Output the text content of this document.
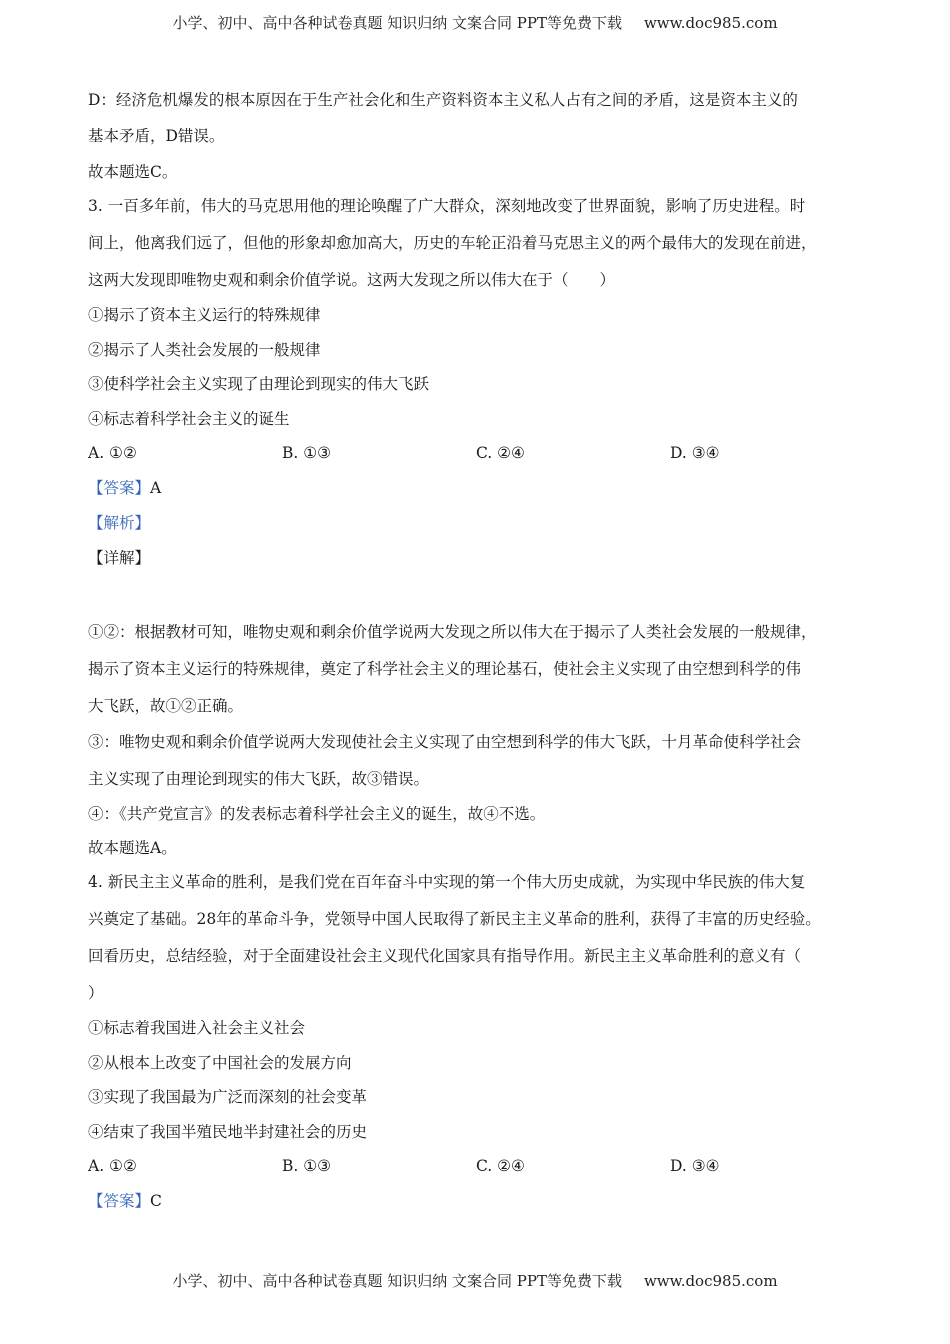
小学、初中、高中各种试卷真题 知识归纳 文案合同 PPT等免费下载 www.doc985.com
D：经济危机爆发的根本原因在于生产社会化和生产资料资本主义私人占有之间的矛盾，这是资本主义的
基本矛盾，D错误。
故本题选C。
3. 一百多年前，伟大的马克思用他的理论唤醒了广大群众，深刻地改变了世界面貌，影响了历史进程。时
间上，他离我们远了，但他的形象却愈加高大，历史的车轮正沿着马克思主义的两个最伟大的发现在前进，
这两大发现即唯物史观和剩余价值学说。这两大发现之所以伟大在于（　　）
①揭示了资本主义运行的特殊规律
②揭示了人类社会发展的一般规律
③使科学社会主义实现了由理论到现实的伟大飞跃
④标志着科学社会主义的诞生
A. ①②	B. ①③	C. ②④	D. ③④
【答案】A
【解析】
【详解】
①②：根据教材可知，唯物史观和剩余价值学说两大发现之所以伟大在于揭示了人类社会发展的一般规律，
揭示了资本主义运行的特殊规律，奠定了科学社会主义的理论基石，使社会主义实现了由空想到科学的伟
大飞跃，故①②正确。
③：唯物史观和剩余价值学说两大发现使社会主义实现了由空想到科学的伟大飞跃，十月革命使科学社会
主义实现了由理论到现实的伟大飞跃，故③错误。
④：《共产党宣言》的发表标志着科学社会主义的诞生，故④不选。
故本题选A。
4. 新民主主义革命的胜利，是我们党在百年奋斗中实现的第一个伟大历史成就，为实现中华民族的伟大复
兴奠定了基础。28年的革命斗争，党领导中国人民取得了新民主主义革命的胜利，获得了丰富的历史经验。
回看历史，总结经验，对于全面建设社会主义现代化国家具有指导作用。新民主主义革命胜利的意义有（
）
①标志着我国进入社会主义社会
②从根本上改变了中国社会的发展方向
③实现了我国最为广泛而深刻的社会变革
④结束了我国半殖民地半封建社会的历史
A. ①②	B. ①③	C. ②④	D. ③④
【答案】C
小学、初中、高中各种试卷真题 知识归纳 文案合同 PPT等免费下载 www.doc985.com
